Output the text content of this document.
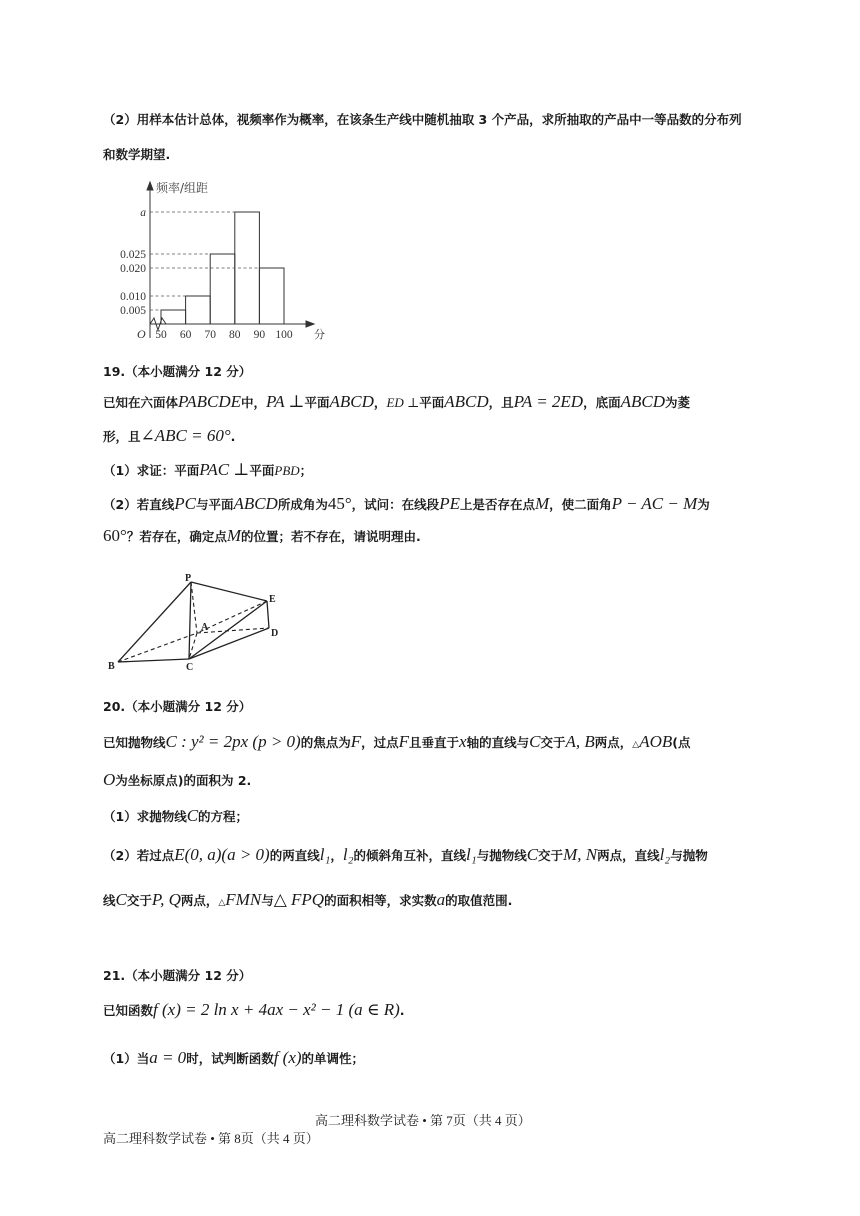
（2）用样本估计总体，视频率作为概率，在该条生产线中随机抽取 3 个产品，求所抽取的产品中一等品数的分布列
和数学期望.
频率/组距
分
O
a
0.025
0.020
0.010
0.005
50 60 70 80 90 100
19.（本小题满分 12 分）
已知在六面体PABCDE中，PA ⊥平面ABCD，ED ⊥平面ABCD，且PA = 2ED，底面ABCD为菱
形，且∠ABC = 60°.
（1）求证：平面PAC ⊥平面PBD；
（2）若直线PC与平面ABCD所成角为45°，试问：在线段PE上是否存在点M，使二面角P − AC − M为
60°？若存在，确定点M的位置；若不存在，请说明理由.
P
E
A
D
B	C
20.（本小题满分 12 分）
已知抛物线C : y² = 2px (p > 0)的焦点为F，过点F且垂直于x轴的直线与C交于A, B两点，△AOB(点
O为坐标原点)的面积为 2.
（1）求抛物线C的方程；
（2）若过点E(0, a)(a > 0)的两直线l₁，l₂的倾斜角互补，直线l₁与抛物线C交于M, N两点，直线l₂与抛物
线C交于P, Q两点，△FMN与△ FPQ的面积相等，求实数a的取值范围.
21.（本小题满分 12 分）
已知函数f (x) = 2 ln x + 4ax − x² − 1 (a ∈ R).
（1）当a = 0时，试判断函数f (x)的单调性；
高二理科数学试卷 • 第 7页（共 4 页）
高二理科数学试卷 • 第 8页（共 4 页）
